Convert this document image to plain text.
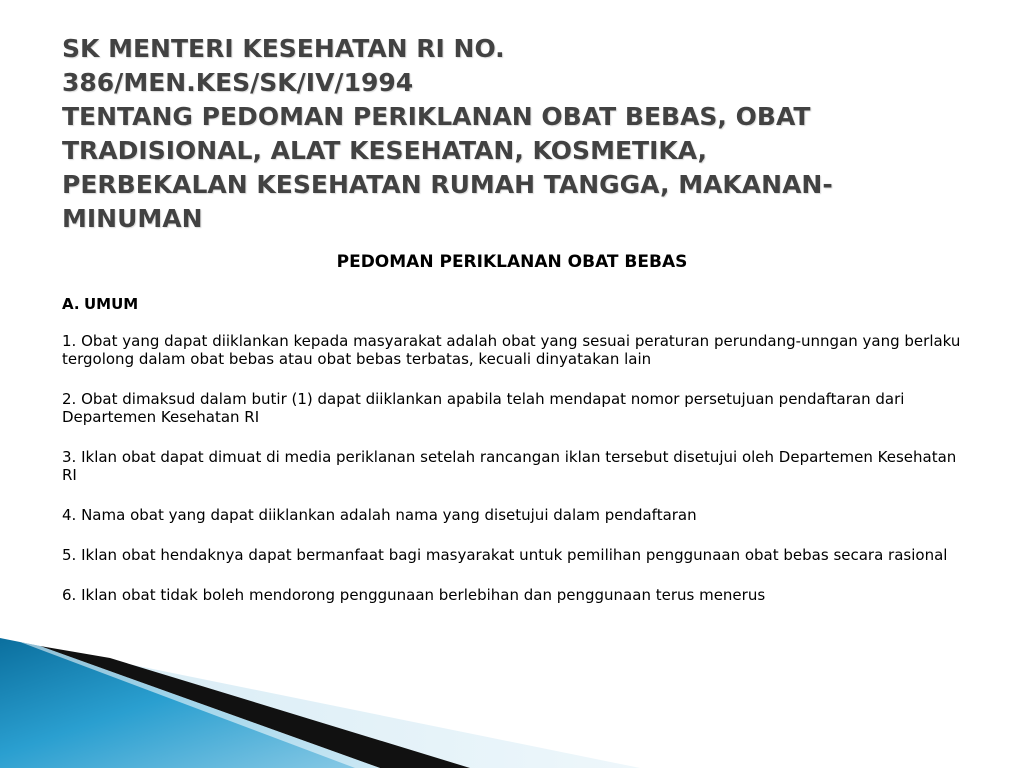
SK MENTERI KESEHATAN RI NO.
386/MEN.KES/SK/IV/1994
TENTANG PEDOMAN PERIKLANAN OBAT BEBAS, OBAT
TRADISIONAL, ALAT KESEHATAN, KOSMETIKA,
PERBEKALAN KESEHATAN RUMAH TANGGA, MAKANAN-
MINUMAN
PEDOMAN PERIKLANAN OBAT BEBAS
A. UMUM
1. Obat yang dapat diiklankan kepada masyarakat adalah obat yang sesuai peraturan perundang-unngan yang berlaku tergolong dalam obat bebas atau obat bebas terbatas, kecuali dinyatakan lain
2. Obat dimaksud dalam butir (1) dapat diiklankan apabila telah mendapat nomor persetujuan pendaftaran dari Departemen Kesehatan RI
3. Iklan obat dapat dimuat di media periklanan setelah rancangan iklan tersebut disetujui oleh Departemen Kesehatan RI
4. Nama obat yang dapat diiklankan adalah nama yang disetujui dalam pendaftaran
5. Iklan obat hendaknya dapat bermanfaat bagi masyarakat untuk pemilihan penggunaan obat bebas secara rasional
6. Iklan obat tidak boleh mendorong penggunaan berlebihan dan penggunaan terus menerus
